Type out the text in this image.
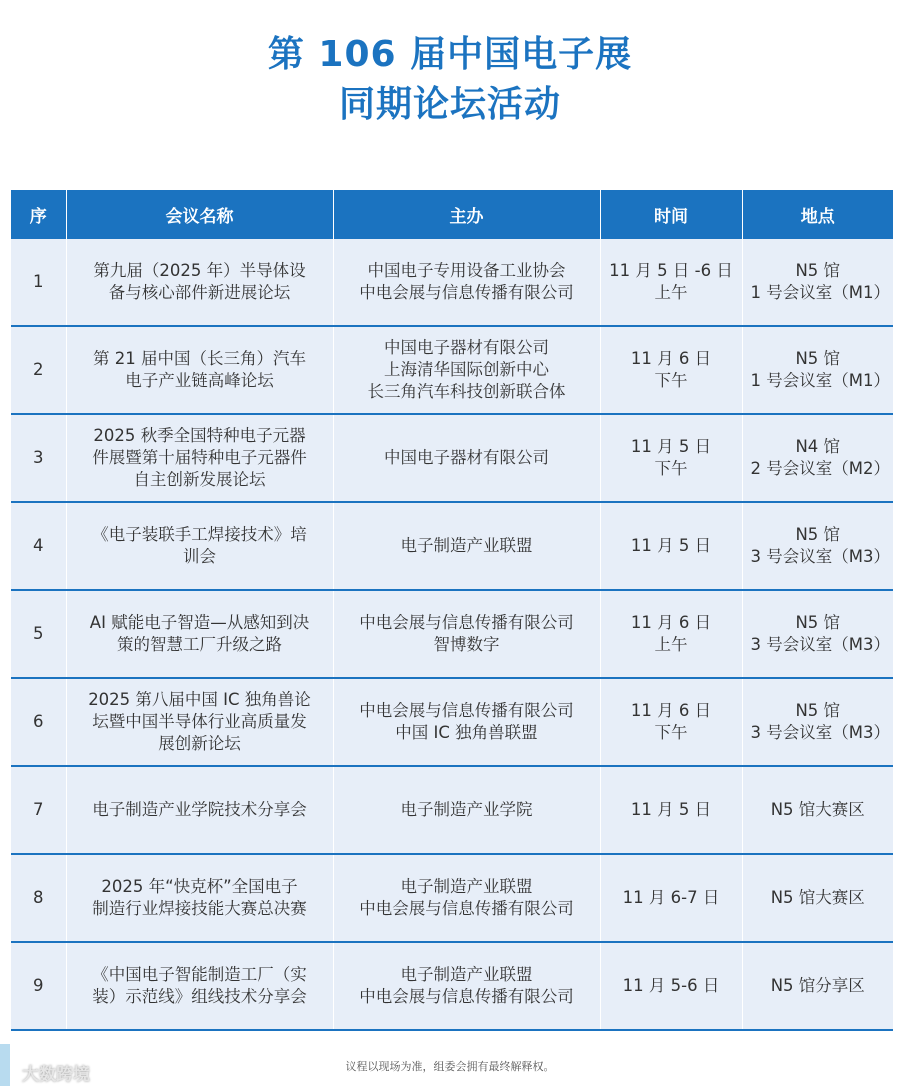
第 106 届中国电子展
同期论坛活动
序	会议名称	主办	时间	地点
1	第九届（2025 年）半导体设
备与核心部件新进展论坛	中国电子专用设备工业协会
中电会展与信息传播有限公司	11 月 5 日 -6 日
上午	N5 馆
1 号会议室（M1）

2	第 21 届中国（长三角）汽车
电子产业链高峰论坛	中国电子器材有限公司
上海清华国际创新中心
长三角汽车科技创新联合体	11 月 6 日
下午	N5 馆
1 号会议室（M1）

3	2025 秋季全国特种电子元器
件展暨第十届特种电子元器件
自主创新发展论坛	中国电子器材有限公司	11 月 5 日
下午	N4 馆
2 号会议室（M2）

4	《电子装联手工焊接技术》培
训会	电子制造产业联盟	11 月 5 日	N5 馆
3 号会议室（M3）

5	AI 赋能电子智造—从感知到决
策的智慧工厂升级之路	中电会展与信息传播有限公司
智博数字	11 月 6 日
上午	N5 馆
3 号会议室（M3）

6	2025 第八届中国 IC 独角兽论
坛暨中国半导体行业高质量发
展创新论坛	中电会展与信息传播有限公司
中国 IC 独角兽联盟	11 月 6 日
下午	N5 馆
3 号会议室（M3）

7	电子制造产业学院技术分享会	电子制造产业学院	11 月 5 日	N5 馆大赛区

8	2025 年“快克杯”全国电子
制造行业焊接技能大赛总决赛	电子制造产业联盟
中电会展与信息传播有限公司	11 月 6-7 日	N5 馆大赛区

9	《中国电子智能制造工厂（实
装）示范线》组线技术分享会	电子制造产业联盟
中电会展与信息传播有限公司	11 月 5-6 日	N5 馆分享区
议程以现场为准，组委会拥有最终解释权。
大数跨境
